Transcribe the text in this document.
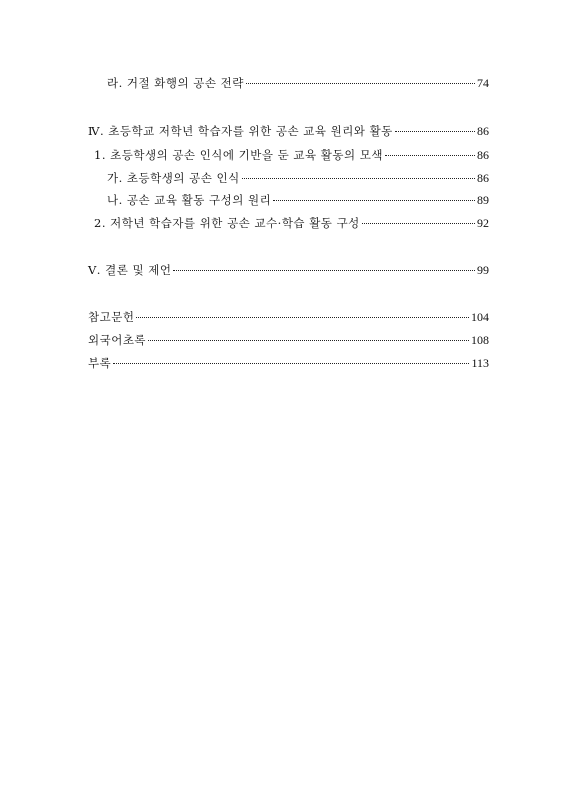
라. 거절 화행의 공손 전략	74
Ⅳ. 초등학교 저학년 학습자를 위한 공손 교육 원리와 활동	86
1. 초등학생의 공손 인식에 기반을 둔 교육 활동의 모색	86
가. 초등학생의 공손 인식	86
나. 공손 교육 활동 구성의 원리	89
2. 저학년 학습자를 위한 공손 교수·학습 활동 구성	92
Ⅴ. 결론 및 제언	99
참고문헌	104
외국어초록	108
부록	113
